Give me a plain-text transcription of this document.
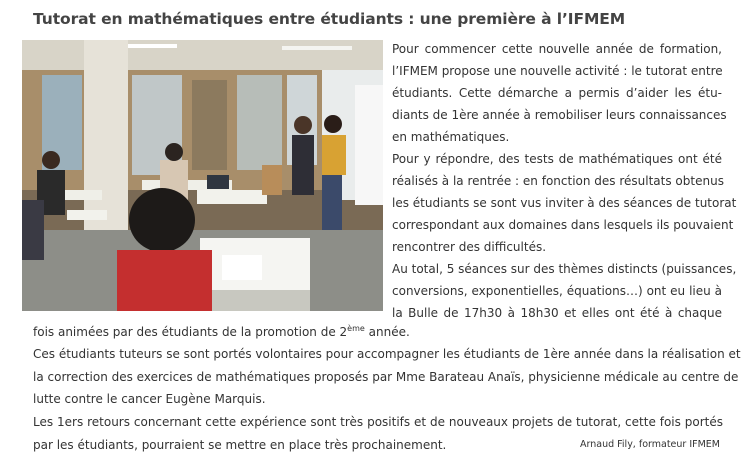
Tutorat en mathématiques entre étudiants : une première à l’IFMEM
Pour commencer cette nouvelle année de formation,
l’IFMEM propose une nouvelle activité : le tutorat entre
étudiants. Cette démarche a permis d’aider les étu-
diants de 1ère année à remobiliser leurs connaissances
en mathématiques.
Pour y répondre, des tests de mathématiques ont été
réalisés à la rentrée : en fonction des résultats obtenus
les étudiants se sont vus inviter à des séances de tutorat
correspondant aux domaines dans lesquels ils pouvaient
rencontrer des difficultés.
Au total, 5 séances sur des thèmes distincts (puissances,
conversions, exponentielles, équations…) ont eu lieu à
la Bulle de 17h30 à 18h30 et elles ont été à chaque
fois animées par des étudiants de la promotion de 2ème année.
Ces étudiants tuteurs se sont portés volontaires pour accompagner les étudiants de 1ère année dans la réalisation et
la correction des exercices de mathématiques proposés par Mme Barateau Anaïs, physicienne médicale au centre de
lutte contre le cancer Eugène Marquis.
Les 1ers retours concernant cette expérience sont très positifs et de nouveaux projets de tutorat, cette fois portés
par les étudiants, pourraient se mettre en place très prochainement.	Arnaud Fily, formateur IFMEM
